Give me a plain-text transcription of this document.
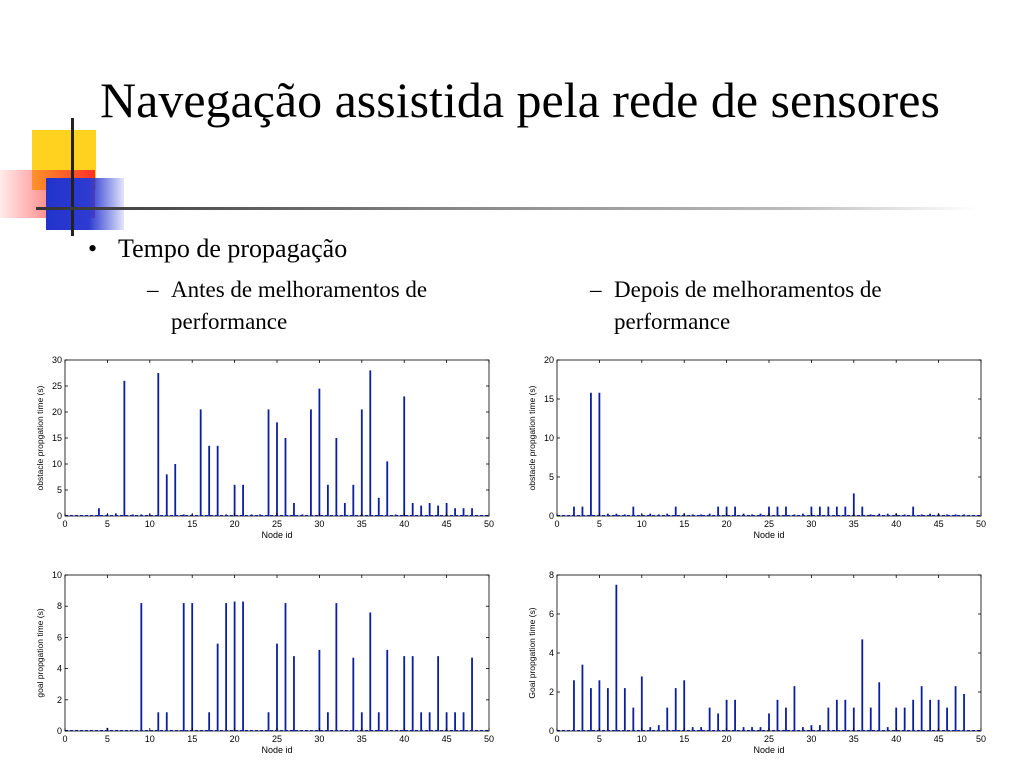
Navegação assistida pela rede de sensores
• Tempo de propagação
– Antes de melhoramentos de performance
– Depois de melhoramentos de performance
0	5	10	15	20	25	30	35	40	45	50
0
5
10
15
20
25
30
Node id
obstacle propgation time (s)
0	5	10	15	20	25	30	35	40	45	50
0
5
10
15
20
Node id
obstacle propgation time (s)
0	5	10	15	20	25	30	35	40	45	50
0
2
4
6
8
10
Node id
goal propgation time (s)
0	5	10	15	20	25	30	35	40	45	50
0
2
4
6
8
Node id
Goal propgation time (s)
